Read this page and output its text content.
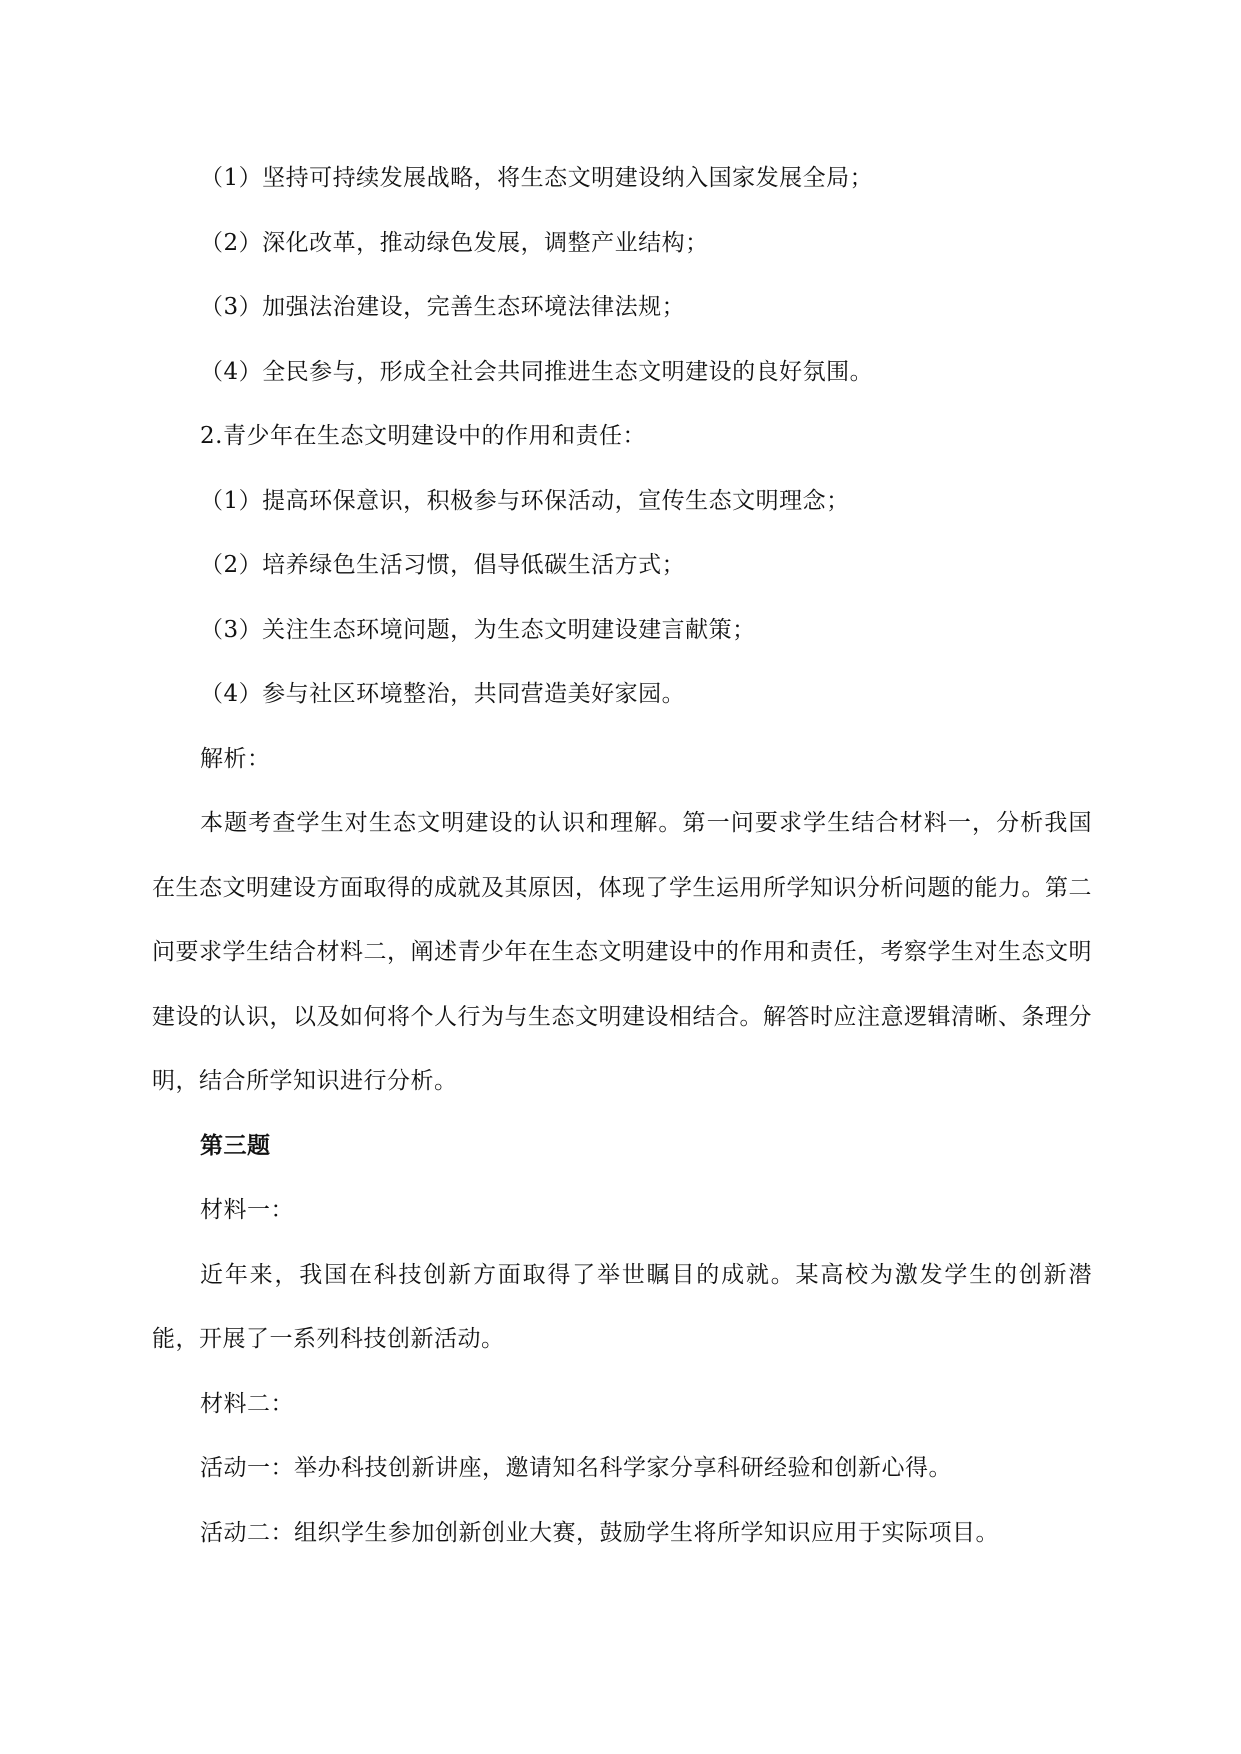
（1）坚持可持续发展战略，将生态文明建设纳入国家发展全局；

（2）深化改革，推动绿色发展，调整产业结构；

（3）加强法治建设，完善生态环境法律法规；

（4）全民参与，形成全社会共同推进生态文明建设的良好氛围。

2.青少年在生态文明建设中的作用和责任：

（1）提高环保意识，积极参与环保活动，宣传生态文明理念；

（2）培养绿色生活习惯，倡导低碳生活方式；

（3）关注生态环境问题，为生态文明建设建言献策；

（4）参与社区环境整治，共同营造美好家园。

解析：

本题考查学生对生态文明建设的认识和理解。第一问要求学生结合材料一，分析我国在生态文明建设方面取得的成就及其原因，体现了学生运用所学知识分析问题的能力。第二问要求学生结合材料二，阐述青少年在生态文明建设中的作用和责任，考察学生对生态文明建设的认识，以及如何将个人行为与生态文明建设相结合。解答时应注意逻辑清晰、条理分明，结合所学知识进行分析。

第三题

材料一：

近年来，我国在科技创新方面取得了举世瞩目的成就。某高校为激发学生的创新潜能，开展了一系列科技创新活动。

材料二：

活动一：举办科技创新讲座，邀请知名科学家分享科研经验和创新心得。

活动二：组织学生参加创新创业大赛，鼓励学生将所学知识应用于实际项目。
